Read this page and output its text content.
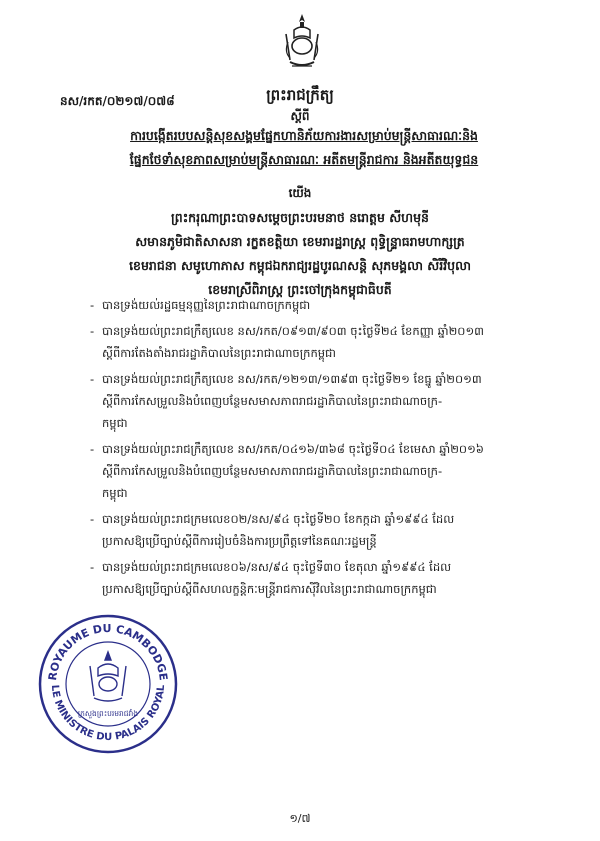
នស/រកត/០២១៧/០៧៨	ព្រះរាជក្រឹត្យ
ស្ដីពី
ការបង្កើតរបបសន្តិសុខសង្គមផ្នែកហានិភ័យការងារសម្រាប់មន្ត្រីសាធារណៈនិង
ផ្នែកថែទាំសុខភាពសម្រាប់មន្ត្រីសាធារណៈ អតីតមន្ត្រីរាជការ និងអតីតយុទ្ធជន
យើង
ព្រះករុណាព្រះបាទសម្ដេចព្រះបរមនាថ នរោត្តម សីហមុនី
សមានភូមិជាតិសាសនា រក្ខតខត្តិយា ខេមរារដ្ឋរាស្ត្រ ពុទ្ធិន្ទ្រាធរាមហាក្សត្រ
ខេមរាជនា សមូហោភាស កម្ពុជឯករាជ្យរដ្ឋបូរណសន្តិ សុភមង្គលា សិរីវិបុលា
ខេមរាស្រីពិរាស្ត្រ ព្រះចៅក្រុងកម្ពុជាធិបតី
- បានទ្រង់យល់រដ្ឋធម្មនុញ្ញនៃព្រះរាជាណាចក្រកម្ពុជា
- បានទ្រង់យល់ព្រះរាជក្រឹត្យលេខ នស/រកត/០៩១៣/៩០៣ ចុះថ្ងៃទី២៤ ខែកញ្ញា ឆ្នាំ២០១៣
ស្ដីពីការតែងតាំងរាជរដ្ឋាភិបាលនៃព្រះរាជាណាចក្រកម្ពុជា
- បានទ្រង់យល់ព្រះរាជក្រឹត្យលេខ នស/រកត/១២១៣/១៣៩៣ ចុះថ្ងៃទី២១ ខែធ្នូ ឆ្នាំ២០១៣
ស្ដីពីការកែសម្រួលនិងបំពេញបន្ថែមសមាសភាពរាជរដ្ឋាភិបាលនៃព្រះរាជាណាចក្រ-
កម្ពុជា
- បានទ្រង់យល់ព្រះរាជក្រឹត្យលេខ នស/រកត/០៤១៦/៣៦៨ ចុះថ្ងៃទី០៤ ខែមេសា ឆ្នាំ២០១៦
ស្ដីពីការកែសម្រួលនិងបំពេញបន្ថែមសមាសភាពរាជរដ្ឋាភិបាលនៃព្រះរាជាណាចក្រ-
កម្ពុជា
- បានទ្រង់យល់ព្រះរាជក្រមលេខ០២/នស/៩៤ ចុះថ្ងៃទី២០ ខែកក្កដា ឆ្នាំ១៩៩៤ ដែល
ប្រកាសឱ្យប្រើច្បាប់ស្ដីពីការរៀបចំនិងការប្រព្រឹត្តទៅនៃគណៈរដ្ឋមន្ត្រី
- បានទ្រង់យល់ព្រះរាជក្រមលេខ០៦/នស/៩៤ ចុះថ្ងៃទី៣០ ខែតុលា ឆ្នាំ១៩៩៤ ដែល
ប្រកាសឱ្យប្រើច្បាប់ស្ដីពីសហលក្ខន្តិកៈមន្ត្រីរាជការស៊ីវិលនៃព្រះរាជាណាចក្រកម្ពុជា
ROYAUME DU CAMBODGE
LE MINISTRE DU PALAIS ROYAL
ក្រសួងព្រះបរមរាជវាំង
១/៧
